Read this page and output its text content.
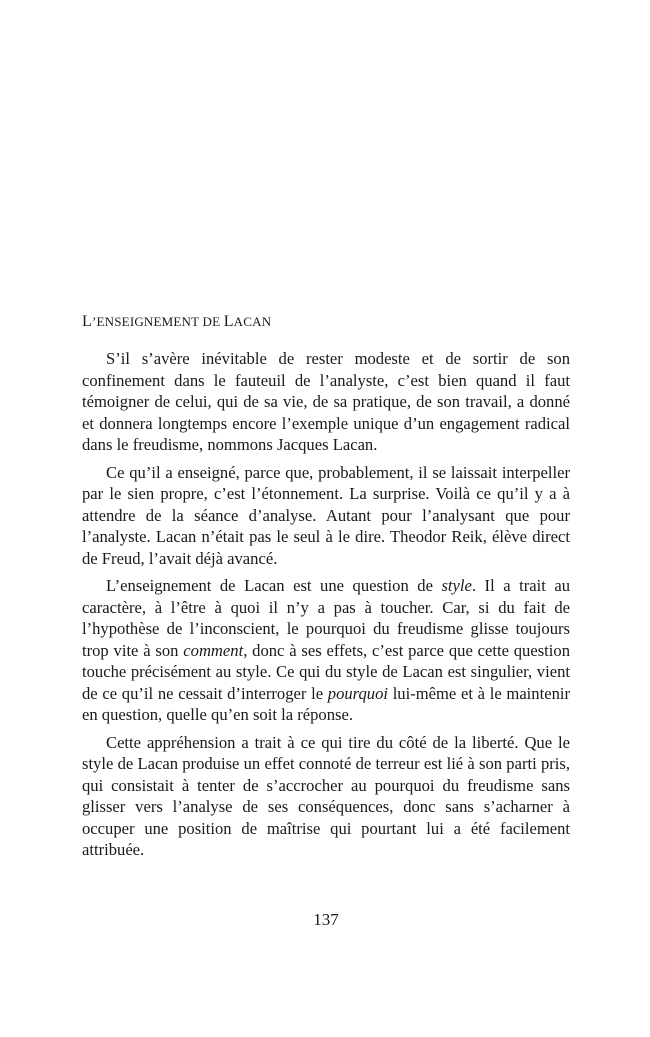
L’ENSEIGNEMENT DE LACAN

S’il s’avère inévitable de rester modeste et de sortir de son confinement dans le fauteuil de l’analyste, c’est bien quand il faut témoigner de celui, qui de sa vie, de sa pratique, de son travail, a donné et donnera longtemps encore l’exemple unique d’un engagement radical dans le freudisme, nommons Jacques Lacan.

Ce qu’il a enseigné, parce que, probablement, il se laissait interpeller par le sien propre, c’est l’étonnement. La surprise. Voilà ce qu’il y a à attendre de la séance d’analyse. Autant pour l’analysant que pour l’analyste. Lacan n’était pas le seul à le dire. Theodor Reik, élève direct de Freud, l’avait déjà avancé.

L’enseignement de Lacan est une question de style. Il a trait au caractère, à l’être à quoi il n’y a pas à toucher. Car, si du fait de l’hypothèse de l’inconscient, le pourquoi du freudisme glisse toujours trop vite à son comment, donc à ses effets, c’est parce que cette question touche précisément au style. Ce qui du style de Lacan est singulier, vient de ce qu’il ne cessait d’interroger le pourquoi lui-même et à le maintenir en question, quelle qu’en soit la réponse.

Cette appréhension a trait à ce qui tire du côté de la liberté. Que le style de Lacan produise un effet connoté de terreur est lié à son parti pris, qui consistait à tenter de s’accrocher au pourquoi du freudisme sans glisser vers l’analyse de ses conséquences, donc sans s’acharner à occuper une position de maîtrise qui pourtant lui a été facilement attribuée.

137
